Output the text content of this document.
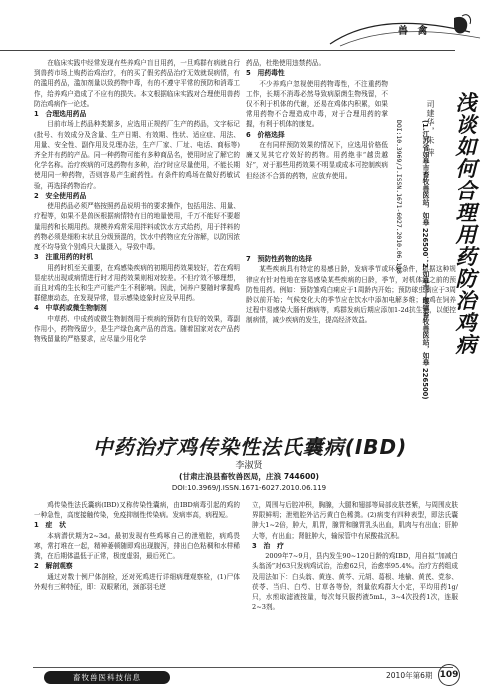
兽 禽

在临床实践中经常发现有些养鸡户盲目用药，一旦鸡群有病就自行到兽药市场上购药治鸡治疗，有的买了假劣药品治疗无效就误病情，有的滥用药品，滥加剂量以致药物中毒，有的不遵守平常的预防和消毒工作，给养鸡户造成了不应有的损失。本文根据临床实践对合理使用兽药防治鸡病作一论述。

1　合理选用药品

目前市场上药品种类繁多，应选用正规药厂生产的药品，文字标记(批号、有效成分及含量、生产日期、有效期、性状、适应症、用法、用量、安全性、副作用及兑理办法，生产厂家、厂址、电话、商标等)齐全并有药的产品。同一种药物可能有多种商品名，使用时应了解它的化学名称。治疗疾病的可选药物有多种，治疗时应尽量使用，不能长期使用同一种药物，否则容易产生耐药性。有条件的鸡场在做好药敏试验，再选择药物治疗。

2　安全使用药品

使用药品必须严格按照药品说明书的要求操作，包括用法、用量、疗程等，如果不是兽医根据病情特有目的地量使用，千万不能好不要超量用药和长期用药。规模养鸡常采用拌料或饮水方式给药，用于拌料的药物必须是细粉末状且分级预混的，饮水中药物应充分溶解，以防因浓度不均导致个别鸡只大量摄入，导致中毒。

3　注重用药的时机

用药时机至关重要，在鸡感染疾病的初期用药效果较好，若在鸡明显症状出现或病情进行时才用药效果则相对较差。不但疗效不够理想，而且对鸡的生长和生产可能产生不利影响。因此，饲养户要随时掌握鸡群健康动态，在发现异常，显示感染迹象时应及早用药。

4　中草药或微生物制剂

中草药、中成药或微生物制剂用于疾病的预防有良好的效果，毒副作用小，药物残留少，是生产绿色禽产品的首选。随着国家对农产品药物残留量的严格要求，应尽量少用化学

药品，杜绝使用违禁药品。

5　用药毒性

不少养鸡户忽视使用药物毒性，不注重药物工作，长期不消毒必然导致病原菌生物残留，不仅不利于机体的代谢，还易在鸡体内积累，如果常用药物不合理造成中毒，对于合理用药的掌握，有利于机体的康复。

6　价格选择

在有同样预防效果的情况下，应选用价格低廉又见其它疗效好的药物。用药绝非“越贵越好”，对于那些用药效果不明显或成本可控制疾病但经济不合算的药物，应放弃使用。

7　预防性药物的选择

某些疾病具有特定的易感日龄，发病季节或环境条件，根据这种规律应有针对性地在容易感染某些疾病的日龄，季节，对机体给之前的预防性用药。例如：预防雏鸡白痢应于1周龄内开始；预防球虫病应于3周龄以前开始；气候变化大的季节应在饮水中添加电解多维；肉鸡在饲养过程中易感染大肠杆菌病等，鸡群发病后期应添加1-2d抗生素，以便控制病情，减少疾病的发生，提高经济效益。

浅
谈
如
何
合
理
用
药
防
治
鸡
病
司建华，朱 萍
(1.江苏省如皋市畜牧兽医站，如皋 226500；2.如皋市丁堰镇畜牧兽医站，如皋 226500)
DOI:10.3969/J.ISSN.1671-6027.2010.06.118
中药治疗鸡传染性法氏囊病(IBD)
李淑贤
(甘肃庄浪县畜牧兽医局，庄浪 744600)
DOI:10.3969/J.ISSN.1671-6027.2010.06.119

鸡传染性法氏囊病(IBD)又称传染性囊病，由IBD病毒引起的鸡的一种急性，高度接触传染，免疫抑制性传染病。发病率高，病程短。

1　症　状

本病潜伏期为2~3d。最初发现有些鸡啄自己的泄殖腔，病鸡畏寒，常打堆在一起，精神萎顿随即鸡出现腹泻，排出白色粘稠和水样稀粪，在后期体温低于正常，极度虚弱，最后死亡。

2　解剖观察

通过对数十例尸体剖检，还对死鸡进行详细病理观察检，(1)尸体外观有三种特征，即：双眼紧闭，颈部羽毛逆

立，周围与后腔冲积，胸腺，大腿和翅部等局部皮肤苍紫，与周围皮肤界限鲜明；泄殖腔外沾污黄白色稀粪。(2)病变有四种表型，即法氏囊肿大1~2倍，肿大，肌胃，腺胃和腺胃乳头出血，肌肉与有出血；肝肿大等，有出血；肾脏肿大，输尿管中有尿酸盐沉积。

3　治　疗

2009年7~9月，县内发生90~120日龄的鸡IBD，用自拟“加减白头翁汤”对63只发病鸡试治，治愈62只，治愈率95.4%。治疗方药组成及用法如下：白头翁、黄连、黄芩、元胡、葛根、地榆、黄芪、党参、茯苓、当归、白芍、甘草各等份，剂量依鸡群大小定，平均用药1g/只，水煎取滤液按量，每次每只服药液5mL，3~4次投药1次，连服2~3剂。

畜牧兽医科技信息	2010年第6期 109
